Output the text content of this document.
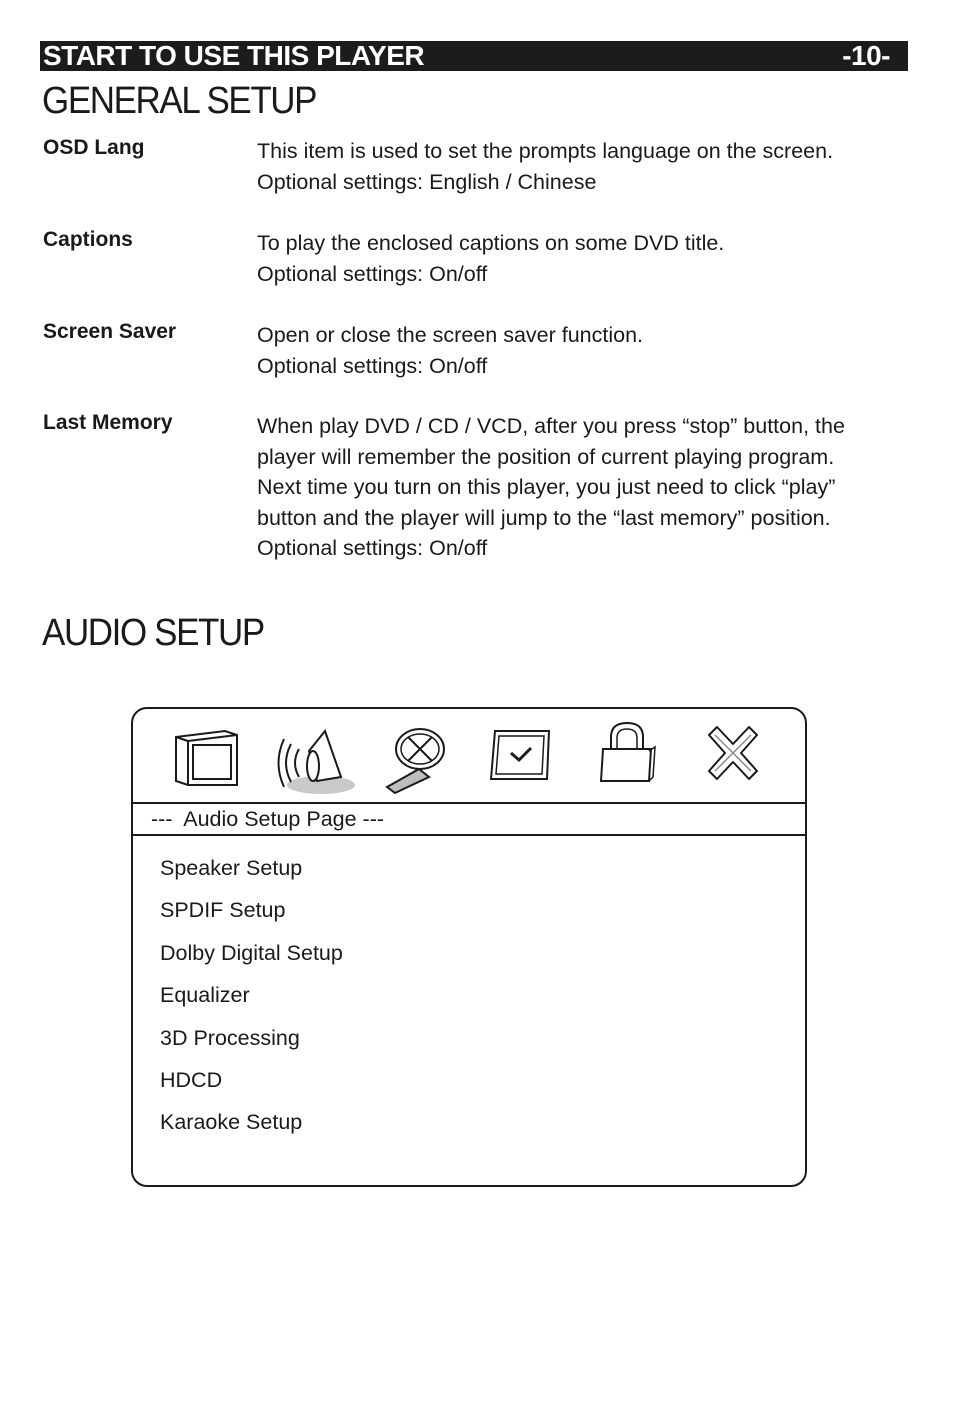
START TO USE THIS PLAYER	-10-
GENERAL SETUP
OSD Lang	This item is used to set the prompts language on the screen.
Optional settings: English / Chinese
Captions	To play the enclosed captions on some DVD title.
Optional settings: On/off
Screen Saver	Open or close the screen saver function.
Optional settings: On/off
Last Memory	When play DVD / CD / VCD, after you press “stop” button, the
player will remember the position of current playing program.
Next time you turn on this player, you just need to click “play”
button and the player will jump to the “last memory” position.
Optional settings: On/off
AUDIO SETUP
---  Audio Setup Page ---
Speaker Setup
SPDIF Setup
Dolby Digital Setup
Equalizer
3D Processing
HDCD
Karaoke Setup
